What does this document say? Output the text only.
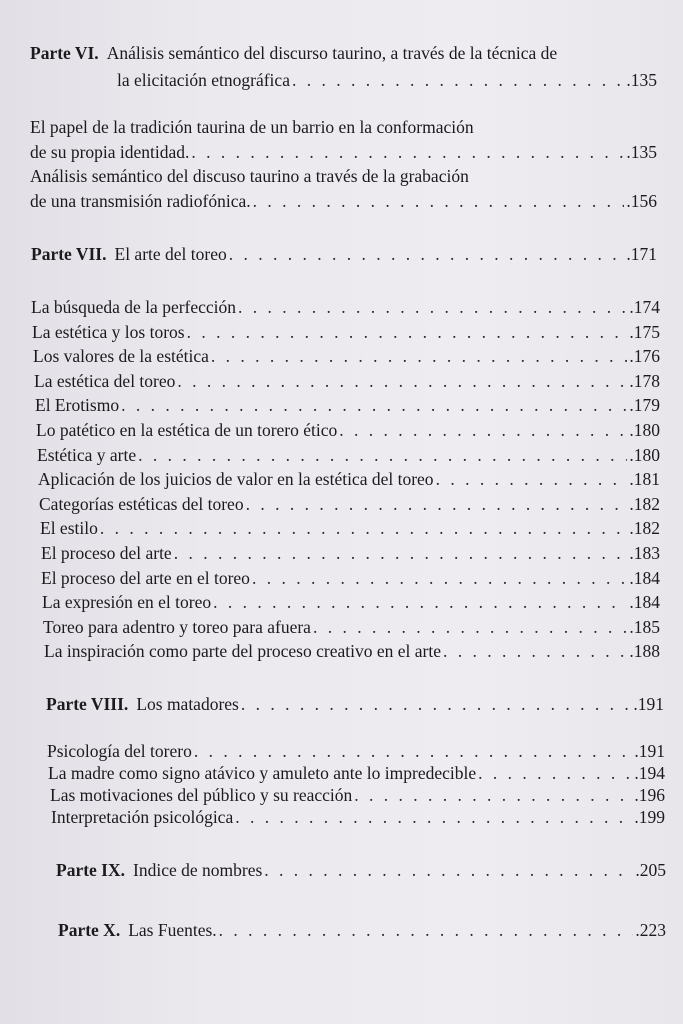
Parte VI. Análisis semántico del discurso taurino, a través de la técnica de
la elicitación etnográfica . . .	.135
El papel de la tradición taurina de un barrio en la conformación
de su propia identidad. . . .	.135
Análisis semántico del discuso taurino a través de la grabación
de una transmisión radiofónica. . . .	.156
Parte VII. El arte del toreo . . .	.171
La búsqueda de la perfección . . .	.174
La estética y los toros . . .	.175
Los valores de la estética . . .	.176
La estética del toreo . . .	.178
El Erotismo . . .	.179
Lo patético en la estética de un torero ético . . .	.180
Estética y arte . . .	.180
Aplicación de los juicios de valor en la estética del toreo . . .	.181
Categorías estéticas del toreo . . .	.182
El estilo . . .	.182
El proceso del arte . . .	.183
El proceso del arte en el toreo . . .	.184
La expresión en el toreo . . .	.184
Toreo para adentro y toreo para afuera . . .	.185
La inspiración como parte del proceso creativo en el arte . . .	.188
Parte VIII. Los matadores . . .	.191
Psicología del torero . . .	.191
La madre como signo atávico y amuleto ante lo impredecible . . .	.194
Las motivaciones del público y su reacción . . .	.196
Interpretación psicológica . . .	.199
Parte IX. Indice de nombres . . .	.205
Parte X. Las Fuentes. . . .	.223
